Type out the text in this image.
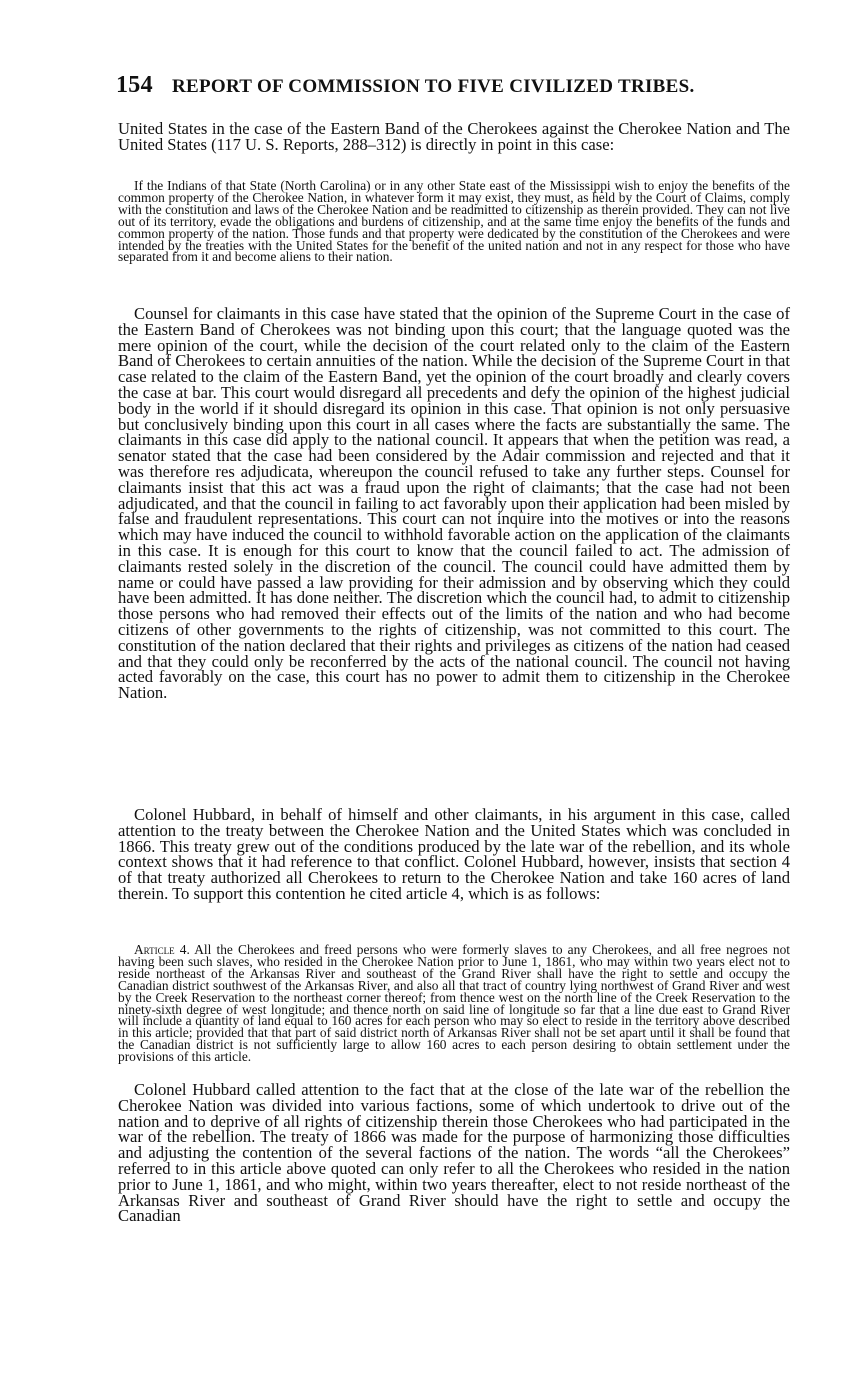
154 REPORT OF COMMISSION TO FIVE CIVILIZED TRIBES.

United States in the case of the Eastern Band of the Cherokees against the Cherokee Nation and The United States (117 U. S. Reports, 288–312) is directly in point in this case:

If the Indians of that State (North Carolina) or in any other State east of the Mississippi wish to enjoy the benefits of the common property of the Cherokee Nation, in whatever form it may exist, they must, as held by the Court of Claims, comply with the constitution and laws of the Cherokee Nation and be readmitted to citizenship as therein provided. They can not live out of its territory, evade the obligations and burdens of citizenship, and at the same time enjoy the benefits of the funds and common property of the nation. Those funds and that property were dedicated by the constitution of the Cherokees and were intended by the treaties with the United States for the benefit of the united nation and not in any respect for those who have separated from it and become aliens to their nation.

Counsel for claimants in this case have stated that the opinion of the Supreme Court in the case of the Eastern Band of Cherokees was not binding upon this court; that the language quoted was the mere opinion of the court, while the decision of the court related only to the claim of the Eastern Band of Cherokees to certain annuities of the nation. While the decision of the Supreme Court in that case related to the claim of the Eastern Band, yet the opinion of the court broadly and clearly covers the case at bar. This court would disregard all precedents and defy the opinion of the highest judicial body in the world if it should disregard its opinion in this case. That opinion is not only persuasive but conclusively binding upon this court in all cases where the facts are substantially the same. The claimants in this case did apply to the national council. It appears that when the petition was read, a senator stated that the case had been considered by the Adair commission and rejected and that it was therefore res adjudicata, whereupon the council refused to take any further steps. Counsel for claimants insist that this act was a fraud upon the right of claimants; that the case had not been adjudicated, and that the council in failing to act favorably upon their application had been misled by false and fraudulent representations. This court can not inquire into the motives or into the reasons which may have induced the council to withhold favorable action on the application of the claimants in this case. It is enough for this court to know that the council failed to act. The admission of claimants rested solely in the discretion of the council. The council could have admitted them by name or could have passed a law providing for their admission and by observing which they could have been admitted. It has done neither. The discretion which the council had, to admit to citizenship those persons who had removed their effects out of the limits of the nation and who had become citizens of other governments to the rights of citizenship, was not committed to this court. The constitution of the nation declared that their rights and privileges as citizens of the nation had ceased and that they could only be reconferred by the acts of the national council. The council not having acted favorably on the case, this court has no power to admit them to citizenship in the Cherokee Nation.

Colonel Hubbard, in behalf of himself and other claimants, in his argument in this case, called attention to the treaty between the Cherokee Nation and the United States which was concluded in 1866. This treaty grew out of the conditions produced by the late war of the rebellion, and its whole context shows that it had reference to that conflict. Colonel Hubbard, however, insists that section 4 of that treaty authorized all Cherokees to return to the Cherokee Nation and take 160 acres of land therein. To support this contention he cited article 4, which is as follows:

Article 4. All the Cherokees and freed persons who were formerly slaves to any Cherokees, and all free negroes not having been such slaves, who resided in the Cherokee Nation prior to June 1, 1861, who may within two years elect not to reside northeast of the Arkansas River and southeast of the Grand River shall have the right to settle and occupy the Canadian district southwest of the Arkansas River, and also all that tract of country lying northwest of Grand River and west by the Creek Reservation to the northeast corner thereof; from thence west on the north line of the Creek Reservation to the ninety-sixth degree of west longitude; and thence north on said line of longitude so far that a line due east to Grand River will include a quantity of land equal to 160 acres for each person who may so elect to reside in the territory above described in this article; provided that that part of said district north of Arkansas River shall not be set apart until it shall be found that the Canadian district is not sufficiently large to allow 160 acres to each person desiring to obtain settlement under the provisions of this article.

Colonel Hubbard called attention to the fact that at the close of the late war of the rebellion the Cherokee Nation was divided into various factions, some of which undertook to drive out of the nation and to deprive of all rights of citizenship therein those Cherokees who had participated in the war of the rebellion. The treaty of 1866 was made for the purpose of harmonizing those difficulties and adjusting the contention of the several factions of the nation. The words “all the Cherokees” referred to in this article above quoted can only refer to all the Cherokees who resided in the nation prior to June 1, 1861, and who might, within two years thereafter, elect to not reside northeast of the Arkansas River and southeast of Grand River should have the right to settle and occupy the Canadian
